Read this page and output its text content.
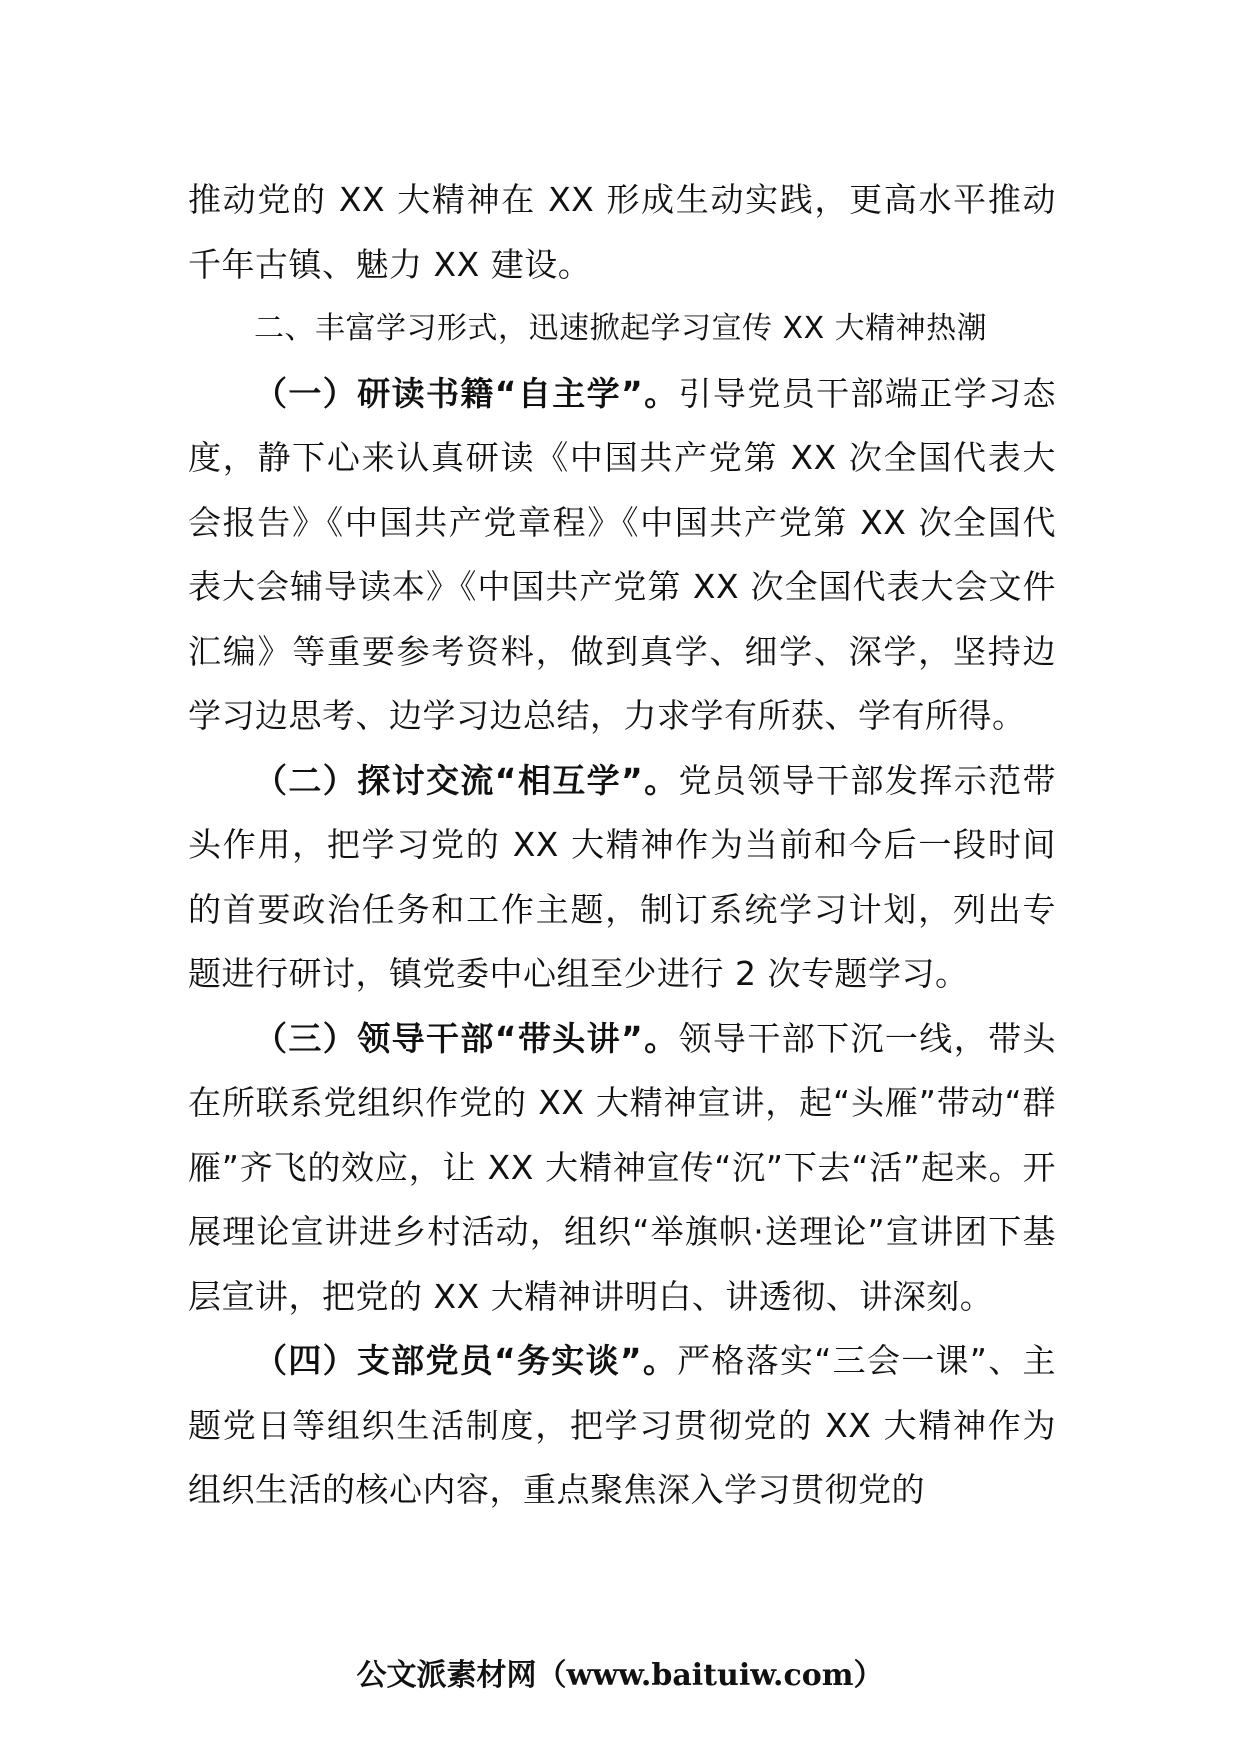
推动党的 XX 大精神在 XX 形成生动实践，更高水平推动千年古镇、魅力 XX 建设。

二、丰富学习形式，迅速掀起学习宣传 XX 大精神热潮

（一）研读书籍“自主学”。引导党员干部端正学习态度，静下心来认真研读《中国共产党第 XX 次全国代表大会报告》《中国共产党章程》《中国共产党第 XX 次全国代表大会辅导读本》《中国共产党第 XX 次全国代表大会文件汇编》等重要参考资料，做到真学、细学、深学，坚持边学习边思考、边学习边总结，力求学有所获、学有所得。

（二）探讨交流“相互学”。党员领导干部发挥示范带头作用，把学习党的 XX 大精神作为当前和今后一段时间的首要政治任务和工作主题，制订系统学习计划，列出专题进行研讨，镇党委中心组至少进行 2 次专题学习。

（三）领导干部“带头讲”。领导干部下沉一线，带头在所联系党组织作党的 XX 大精神宣讲，起“头雁”带动“群雁”齐飞的效应，让 XX 大精神宣传“沉”下去“活”起来。开展理论宣讲进乡村活动，组织“举旗帜·送理论”宣讲团下基层宣讲，把党的 XX 大精神讲明白、讲透彻、讲深刻。

（四）支部党员“务实谈”。严格落实“三会一课”、主题党日等组织生活制度，把学习贯彻党的 XX 大精神作为组织生活的核心内容，重点聚焦深入学习贯彻党的

公文派素材网（www.baituiw.com）
